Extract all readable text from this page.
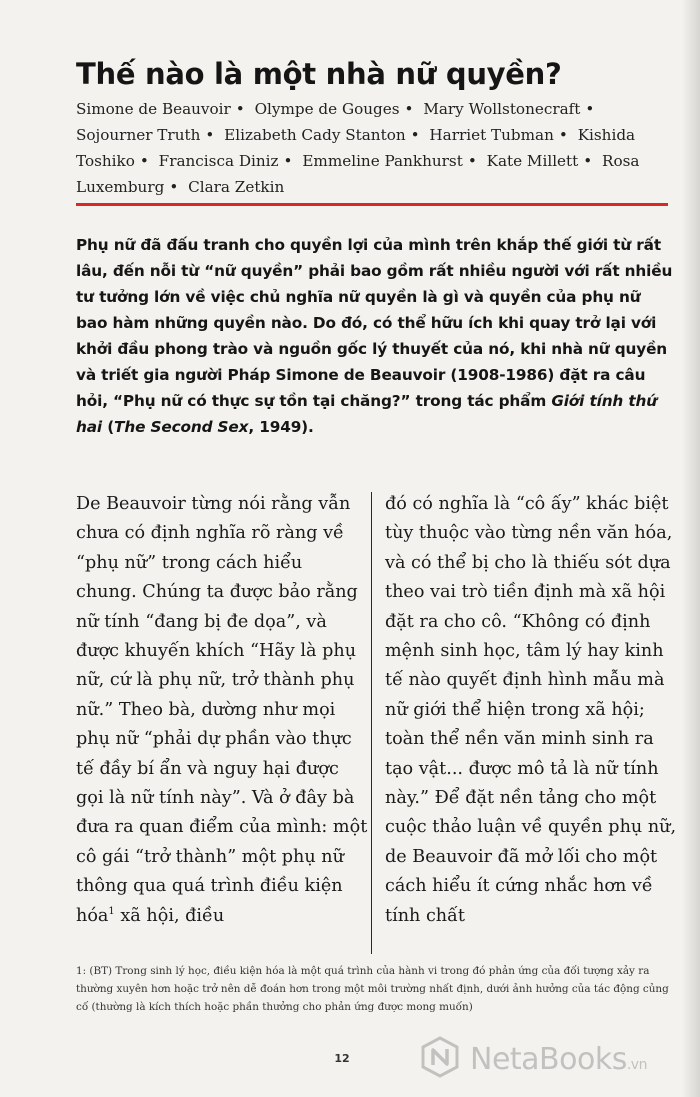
Thế nào là một nhà nữ quyền?

Simone de Beauvoir • Olympe de Gouges • Mary Wollstonecraft • Sojourner Truth • Elizabeth Cady Stanton • Harriet Tubman • Kishida Toshiko • Francisca Diniz • Emmeline Pankhurst • Kate Millett • Rosa Luxemburg • Clara Zetkin

Phụ nữ đã đấu tranh cho quyền lợi của mình trên khắp thế giới từ rất lâu, đến nỗi từ “nữ quyền” phải bao gồm rất nhiều người với rất nhiều tư tưởng lớn về việc chủ nghĩa nữ quyền là gì và quyền của phụ nữ bao hàm những quyền nào. Do đó, có thể hữu ích khi quay trở lại với khởi đầu phong trào và nguồn gốc lý thuyết của nó, khi nhà nữ quyền và triết gia người Pháp Simone de Beauvoir (1908-1986) đặt ra câu hỏi, “Phụ nữ có thực sự tồn tại chăng?” trong tác phẩm Giới tính thứ hai (The Second Sex, 1949).

De Beauvoir từng nói rằng vẫn chưa có định nghĩa rõ ràng về “phụ nữ” trong cách hiểu chung. Chúng ta được bảo rằng nữ tính “đang bị đe dọa”, và được khuyến khích “Hãy là phụ nữ, cứ là phụ nữ, trở thành phụ nữ.” Theo bà, dường như mọi phụ nữ “phải dự phần vào thực tế đầy bí ẩn và nguy hại được gọi là nữ tính này”. Và ở đây bà đưa ra quan điểm của mình: một cô gái “trở thành” một phụ nữ thông qua quá trình điều kiện hóa$^1$ xã hội, điều

đó có nghĩa là “cô ấy” khác biệt tùy thuộc vào từng nền văn hóa, và có thể bị cho là thiếu sót dựa theo vai trò tiền định mà xã hội đặt ra cho cô. “Không có định mệnh sinh học, tâm lý hay kinh tế nào quyết định hình mẫu mà nữ giới thể hiện trong xã hội; toàn thể nền văn minh sinh ra tạo vật... được mô tả là nữ tính này.” Để đặt nền tảng cho một cuộc thảo luận về quyền phụ nữ, de Beauvoir đã mở lối cho một cách hiểu ít cứng nhắc hơn về tính chất

1: (BT) Trong sinh lý học, điều kiện hóa là một quá trình của hành vi trong đó phản ứng của đối tượng xảy ra thường xuyên hơn hoặc trở nên dễ đoán hơn trong một môi trường nhất định, dưới ảnh hưởng của tác động củng cố (thường là kích thích hoặc phần thưởng cho phản ứng được mong muốn)

12	NetaBooks.vn
